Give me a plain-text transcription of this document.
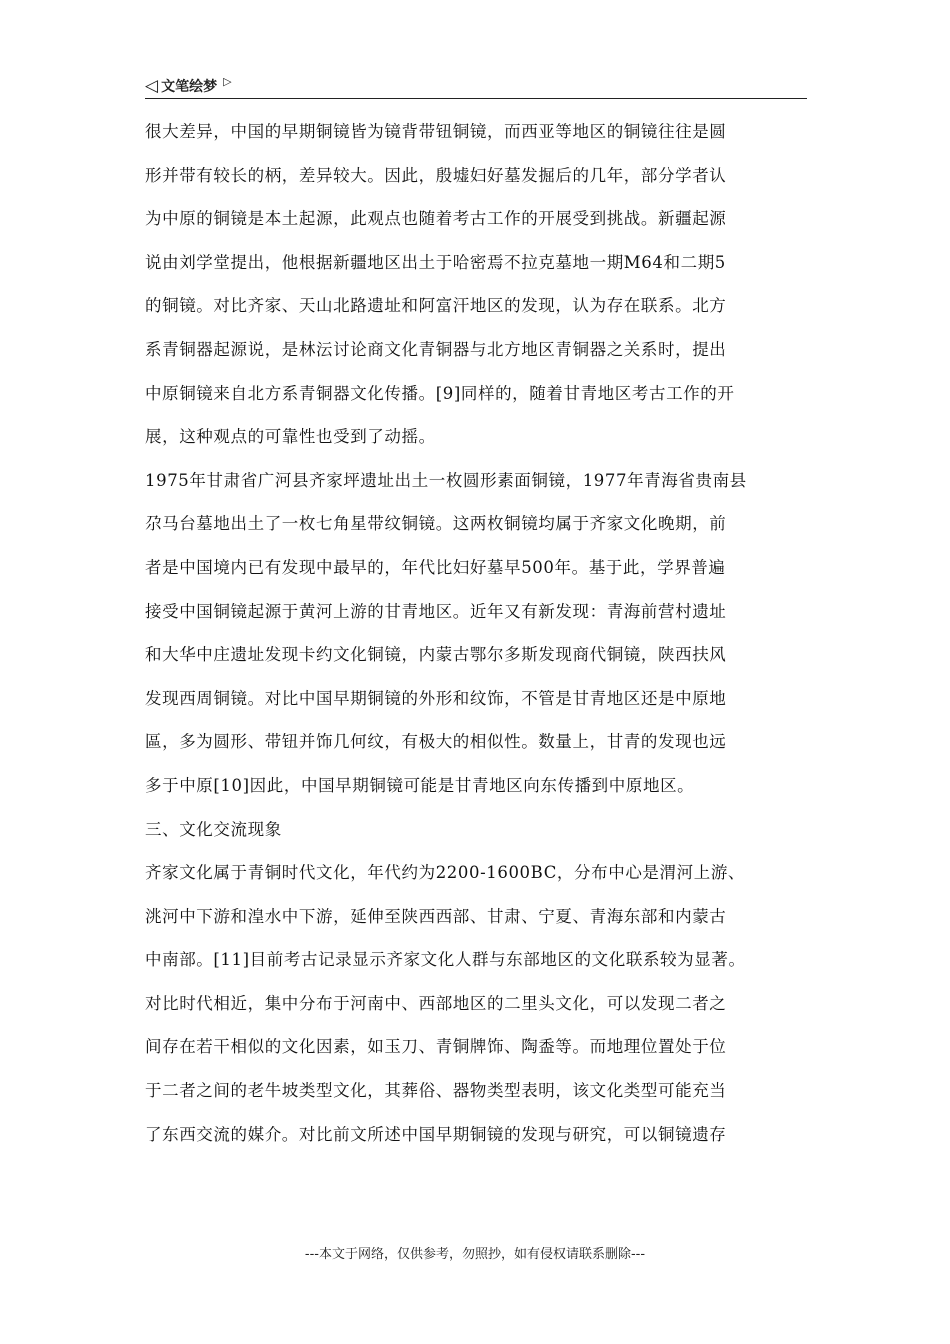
◁ 文笔绘梦 ▷
很大差异，中国的早期铜镜皆为镜背带钮铜镜，而西亚等地区的铜镜往往是圆
形并带有较长的柄，差异较大。因此，殷墟妇好墓发掘后的几年，部分学者认
为中原的铜镜是本土起源，此观点也随着考古工作的开展受到挑战。新疆起源
说由刘学堂提出，他根据新疆地区出土于哈密焉不拉克墓地一期M64和二期5
的铜镜。对比齐家、天山北路遗址和阿富汗地区的发现，认为存在联系。北方
系青铜器起源说，是林沄讨论商文化青铜器与北方地区青铜器之关系时，提出
中原铜镜来自北方系青铜器文化传播。[9]同样的，随着甘青地区考古工作的开
展，这种观点的可靠性也受到了动摇。
1975年甘肃省广河县齐家坪遗址出土一枚圆形素面铜镜，1977年青海省贵南县
尕马台墓地出土了一枚七角星带纹铜镜。这两枚铜镜均属于齐家文化晚期，前
者是中国境内已有发现中最早的，年代比妇好墓早500年。基于此，学界普遍
接受中国铜镜起源于黄河上游的甘青地区。近年又有新发现：青海前营村遗址
和大华中庄遗址发现卡约文化铜镜，内蒙古鄂尔多斯发现商代铜镜，陕西扶风
发现西周铜镜。对比中国早期铜镜的外形和纹饰，不管是甘青地区还是中原地
區，多为圆形、带钮并饰几何纹，有极大的相似性。数量上，甘青的发现也远
多于中原[10]因此，中国早期铜镜可能是甘青地区向东传播到中原地区。
三、文化交流现象
齐家文化属于青铜时代文化，年代约为2200-1600BC，分布中心是渭河上游、
洮河中下游和湟水中下游，延伸至陕西西部、甘肃、宁夏、青海东部和内蒙古
中南部。[11]目前考古记录显示齐家文化人群与东部地区的文化联系较为显著。
对比时代相近，集中分布于河南中、西部地区的二里头文化，可以发现二者之
间存在若干相似的文化因素，如玉刀、青铜牌饰、陶盉等。而地理位置处于位
于二者之间的老牛坡类型文化，其葬俗、器物类型表明，该文化类型可能充当
了东西交流的媒介。对比前文所述中国早期铜镜的发现与研究，可以铜镜遗存
---本文于网络，仅供参考，勿照抄，如有侵权请联系删除---
